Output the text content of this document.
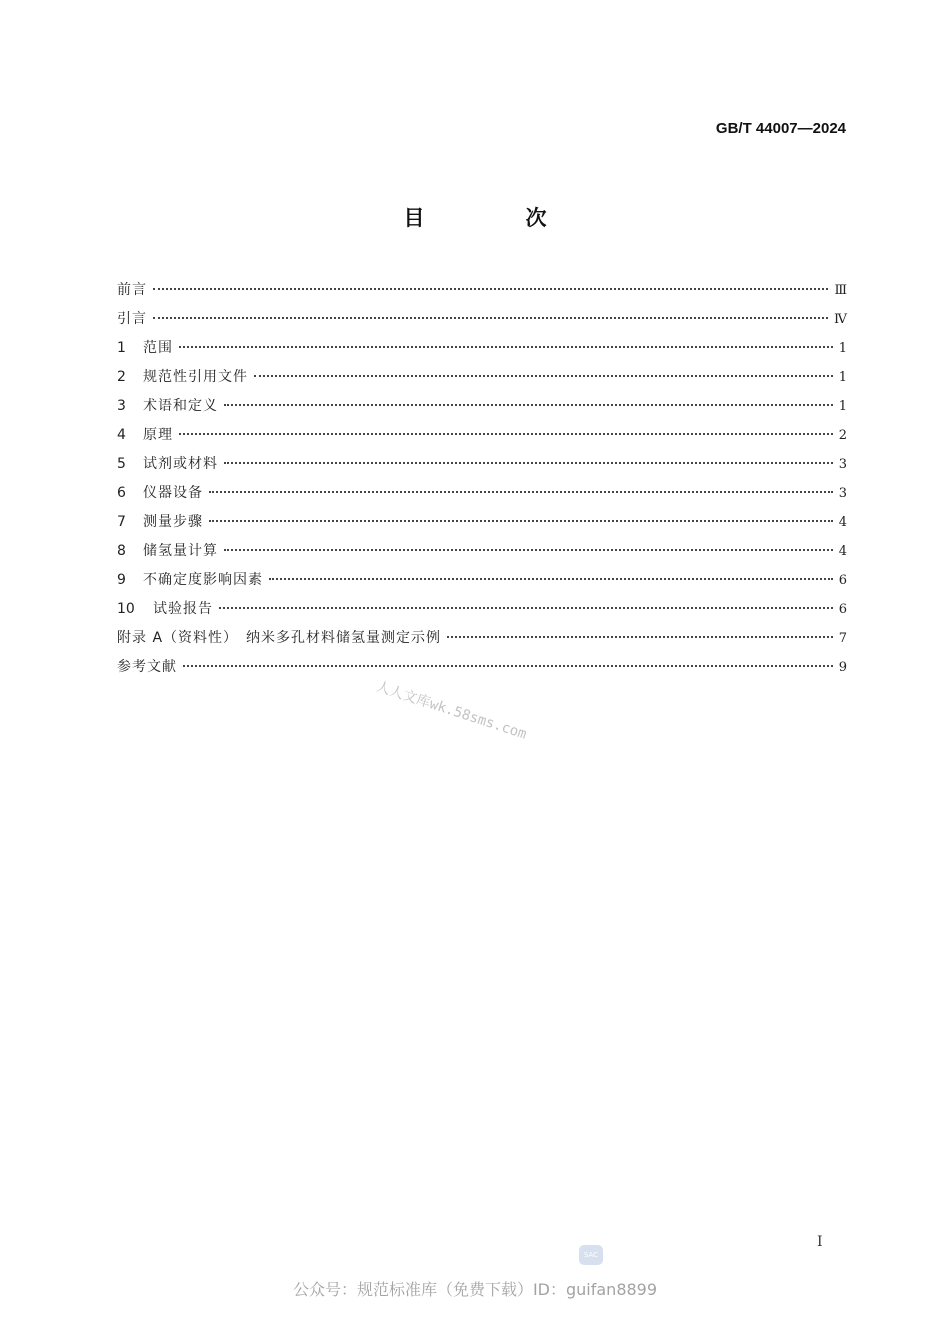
GB/T 44007—2024
目　次
前言	Ⅲ
引言	Ⅳ
1	范围	1
2	规范性引用文件	1
3	术语和定义	1
4	原理	2
5	试剂或材料	3
6	仪器设备	3
7	测量步骤	4
8	储氢量计算	4
9	不确定度影响因素	6
10	试验报告	6
附录 A（资料性）　纳米多孔材料储氢量测定示例	7
参考文献	9
人人文库wk.58sms.com
I
SAC
公众号：规范标准库（免费下载）ID：guifan8899
